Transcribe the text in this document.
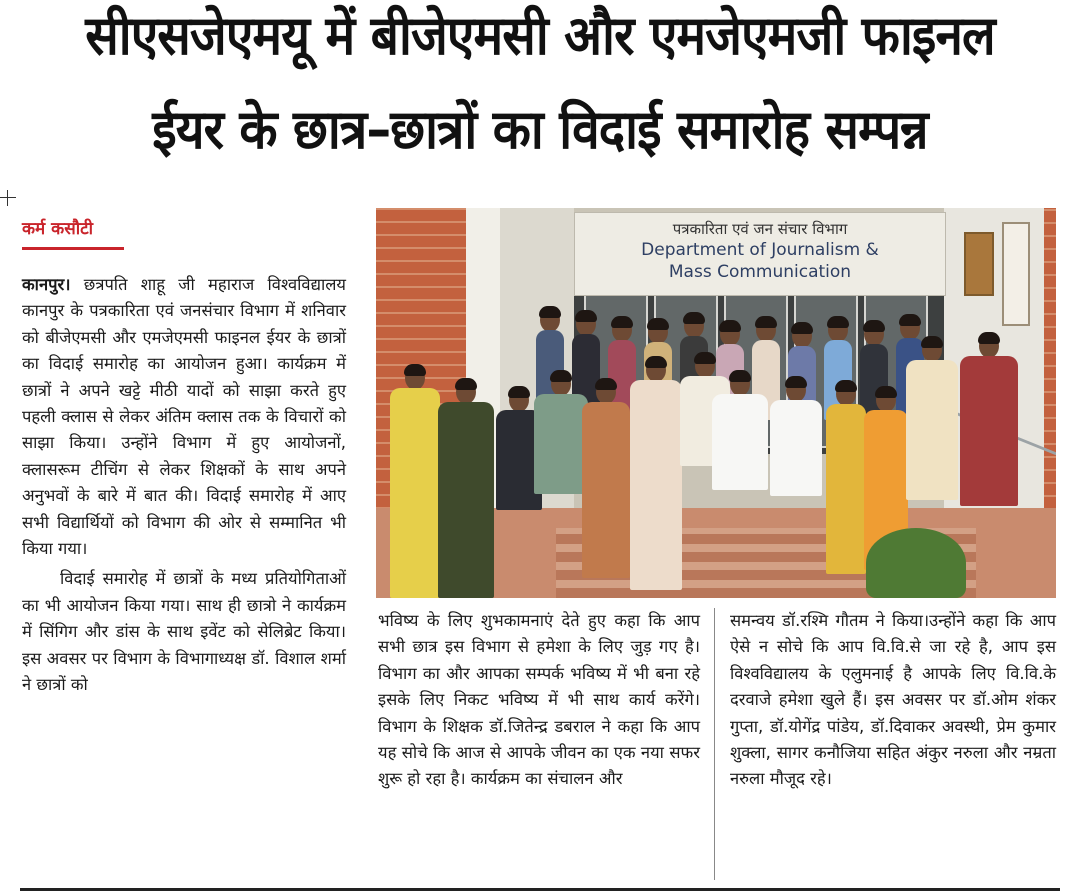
सीएसजेएमयू में बीजेएमसी और एमजेएमजी फाइनल
ईयर के छात्र–छात्रों का विदाई समारोह सम्पन्न
कर्म कसौटी

कानपुर। छत्रपति शाहू जी महाराज विश्वविद्यालय कानपुर के पत्रकारिता एवं जनसंचार विभाग में शनिवार को बीजेएमसी और एमजेएमसी फाइनल ईयर के छात्रों का विदाई समारोह का आयोजन हुआ। कार्यक्रम में छात्रों ने अपने खट्टे मीठी यादों को साझा करते हुए पहली क्लास से लेकर अंतिम क्लास तक के विचारों को साझा किया। उन्होंने विभाग में हुए आयोजनों, क्लासरूम टीचिंग से लेकर शिक्षकों के साथ अपने अनुभवों के बारे में बात की। विदाई समारोह में आए सभी विद्यार्थियों को विभाग की ओर से सम्मानित भी किया गया।

विदाई समारोह में छात्रों के मध्य प्रतियोगिताओं का भी आयोजन किया गया। साथ ही छात्रो ने कार्यक्रम में सिंगिग और डांस के साथ इवेंट को सेलिब्रेट किया। इस अवसर पर विभाग के विभागाध्यक्ष डॉ. विशाल शर्मा ने छात्रों को

पत्रकारिता एवं जन संचार विभाग
Department of Journalism &
Mass Communication

भविष्य के लिए शुभकामनाएं देते हुए कहा कि आप सभी छात्र इस विभाग से हमेशा के लिए जुड़ गए है। विभाग का और आपका सम्पर्क भविष्य में भी बना रहे इसके लिए निकट भविष्य में भी साथ कार्य करेंगे। विभाग के शिक्षक डॉ.जितेन्द्र डबराल ने कहा कि आप यह सोचे कि आज से आपके जीवन का एक नया सफर शुरू हो रहा है। कार्यक्रम का संचालन और

समन्वय डॉ.रश्मि गौतम ने किया।उन्होंने कहा कि आप ऐसे न सोचे कि आप वि.वि.से जा रहे है, आप इस विश्वविद्यालय के एलुमनाई है आपके लिए वि.वि.के दरवाजे हमेशा खुले हैं। इस अवसर पर डॉ.ओम शंकर गुप्ता, डॉ.योगेंद्र पांडेय, डॉ.दिवाकर अवस्थी, प्रेम कुमार शुक्ला, सागर कनौजिया सहित अंकुर नरुला और नम्रता नरुला मौजूद रहे।
